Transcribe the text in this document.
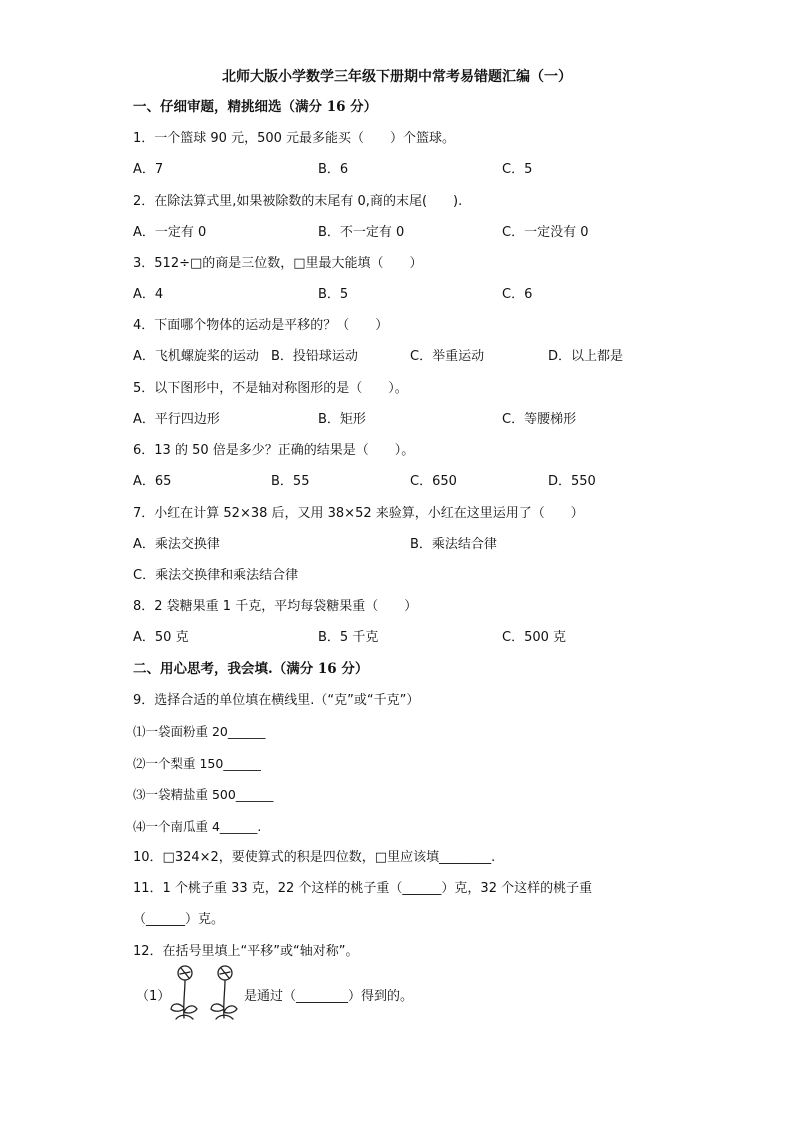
北师大版小学数学三年级下册期中常考易错题汇编（一）
一、仔细审题，精挑细选（满分 16 分）
1．一个篮球 90 元，500 元最多能买（　　）个篮球。
A．7	B．6	C．5
2．在除法算式里,如果被除数的末尾有 0,商的末尾(　　).
A．一定有 0	B．不一定有 0	C．一定没有 0
3．512÷□的商是三位数，□里最大能填（　　）
A．4	B．5	C．6
4．下面哪个物体的运动是平移的？（　　）
A．飞机螺旋桨的运动 B．投铅球运动	C．举重运动	D．以上都是
5．以下图形中，不是轴对称图形的是（　　）。
A．平行四边形	B．矩形	C．等腰梯形
6．13 的 50 倍是多少？正确的结果是（　　）。
A．65	B．55	C．650	D．550
7．小红在计算 52×38 后，又用 38×52 来验算，小红在这里运用了（　　）
A．乘法交换律	B．乘法结合律
C．乘法交换律和乘法结合律
8．2 袋糖果重 1 千克，平均每袋糖果重（　　）
A．50 克	B．5 千克	C．500 克
二、用心思考，我会填.（满分 16 分）
9．选择合适的单位填在横线里.（“克”或“千克”）
⑴一袋面粉重 20______
⑵一个梨重 150______
⑶一袋精盐重 500______
⑷一个南瓜重 4______.
10．□324×2，要使算式的积是四位数，□里应该填________.
11．1 个桃子重 33 克，22 个这样的桃子重（______）克，32 个这样的桃子重
（______）克。
12．在括号里填上“平移”或“轴对称”。
（1）	是通过（________）得到的。
